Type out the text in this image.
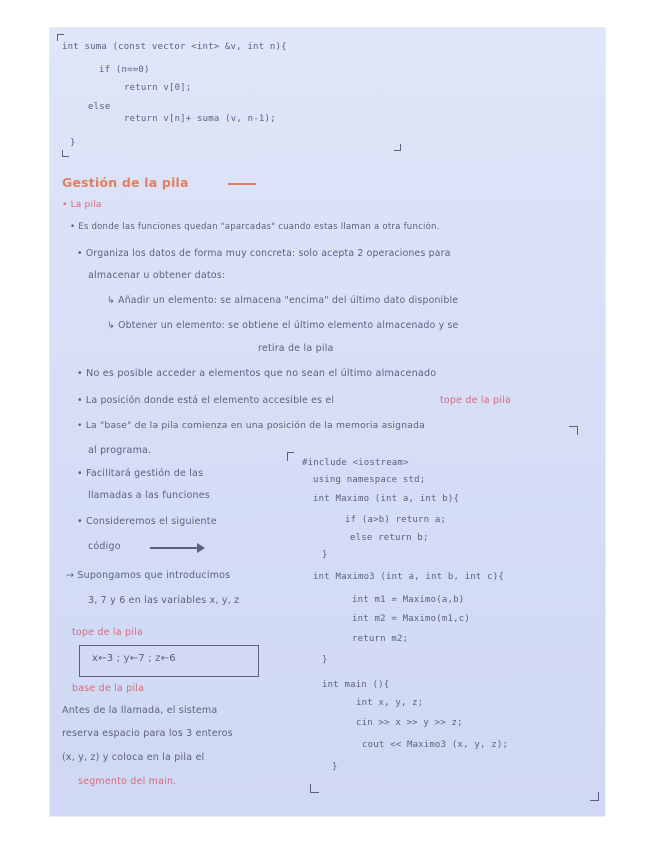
int suma (const vector <int> &v, int n){
if (n==0)
return v[0];
else
return v[n]+ suma (v, n-1);
}
Gestión de la pila
• La pila
• Es donde las funciones quedan "aparcadas" cuando estas llaman a otra función.
• Organiza los datos de forma muy concreta: solo acepta 2 operaciones para
almacenar u obtener datos:
↳ Añadir un elemento: se almacena "encima" del último dato disponible
↳ Obtener un elemento: se obtiene el último elemento almacenado y se
retira de la pila
• No es posible acceder a elementos que no sean el último almacenado
• La posición donde está el elemento accesible es el	tope de la pila
• La "base" de la pila comienza en una posición de la memoria asignada
al programa.
• Facilitará gestión de las
llamadas a las funciones
• Consideremos el siguiente
código
→ Supongamos que introducimos
3, 7 y 6 en las variables x, y, z
tope de la pila
x←3 ; y←7 ; z←6
base de la pila
Antes de la llamada, el sistema
reserva espacio para los 3 enteros
(x, y, z) y coloca en la pila el
segmento del main.
#include <iostream>
using namespace std;
int Maximo (int a, int b){
if (a>b) return a;
else return b;
}
int Maximo3 (int a, int b, int c){
int m1 = Maximo(a,b)
int m2 = Maximo(m1,c)
return m2;
}
int main (){
int x, y, z;
cin >> x >> y >> z;
cout << Maximo3 (x, y, z);
}
